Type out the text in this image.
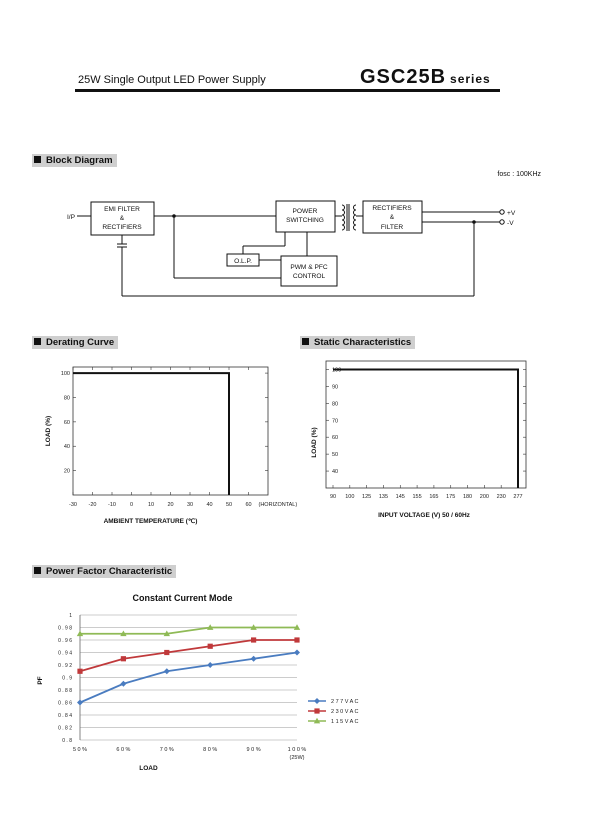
25W Single Output LED Power Supply	GSC25B series
Block Diagram
Derating Curve	Static Characteristics
Power Factor Characteristic
fosc : 100KHz
I/P
EMI FILTER
&
RECTIFIERS
POWER
SWITCHING
RECTIFIERS
&
FILTER
O.L.P.
PWM & PFC
CONTROL
+V
-V
-30 -20 -10	0	10 20 30 40 50 60 (HORIZONTAL)
20
40
60
80
100
AMBIENT TEMPERATURE (℃)
LOAD (%)
90 100 125 135 145 155 165 175 180 200 230 277
40
50
60
70
80
90
100
INPUT VOLTAGE (V) 50 / 60Hz
LOAD (%)
Constant Current Mode
0 . 8
0 . 8 2
0 . 8 4
0 . 8 6
0 . 8 8
0 . 9
0 . 9 2
0 . 9 4
0 . 9 6
0 . 9 8
1
5 0 %	6 0 %	7 0 %	8 0 %	9 0 %	1 0 0 %
(25W)
LOAD
PF
2 7 7 V A C
2 3 0 V A C
1 1 5 V A C
